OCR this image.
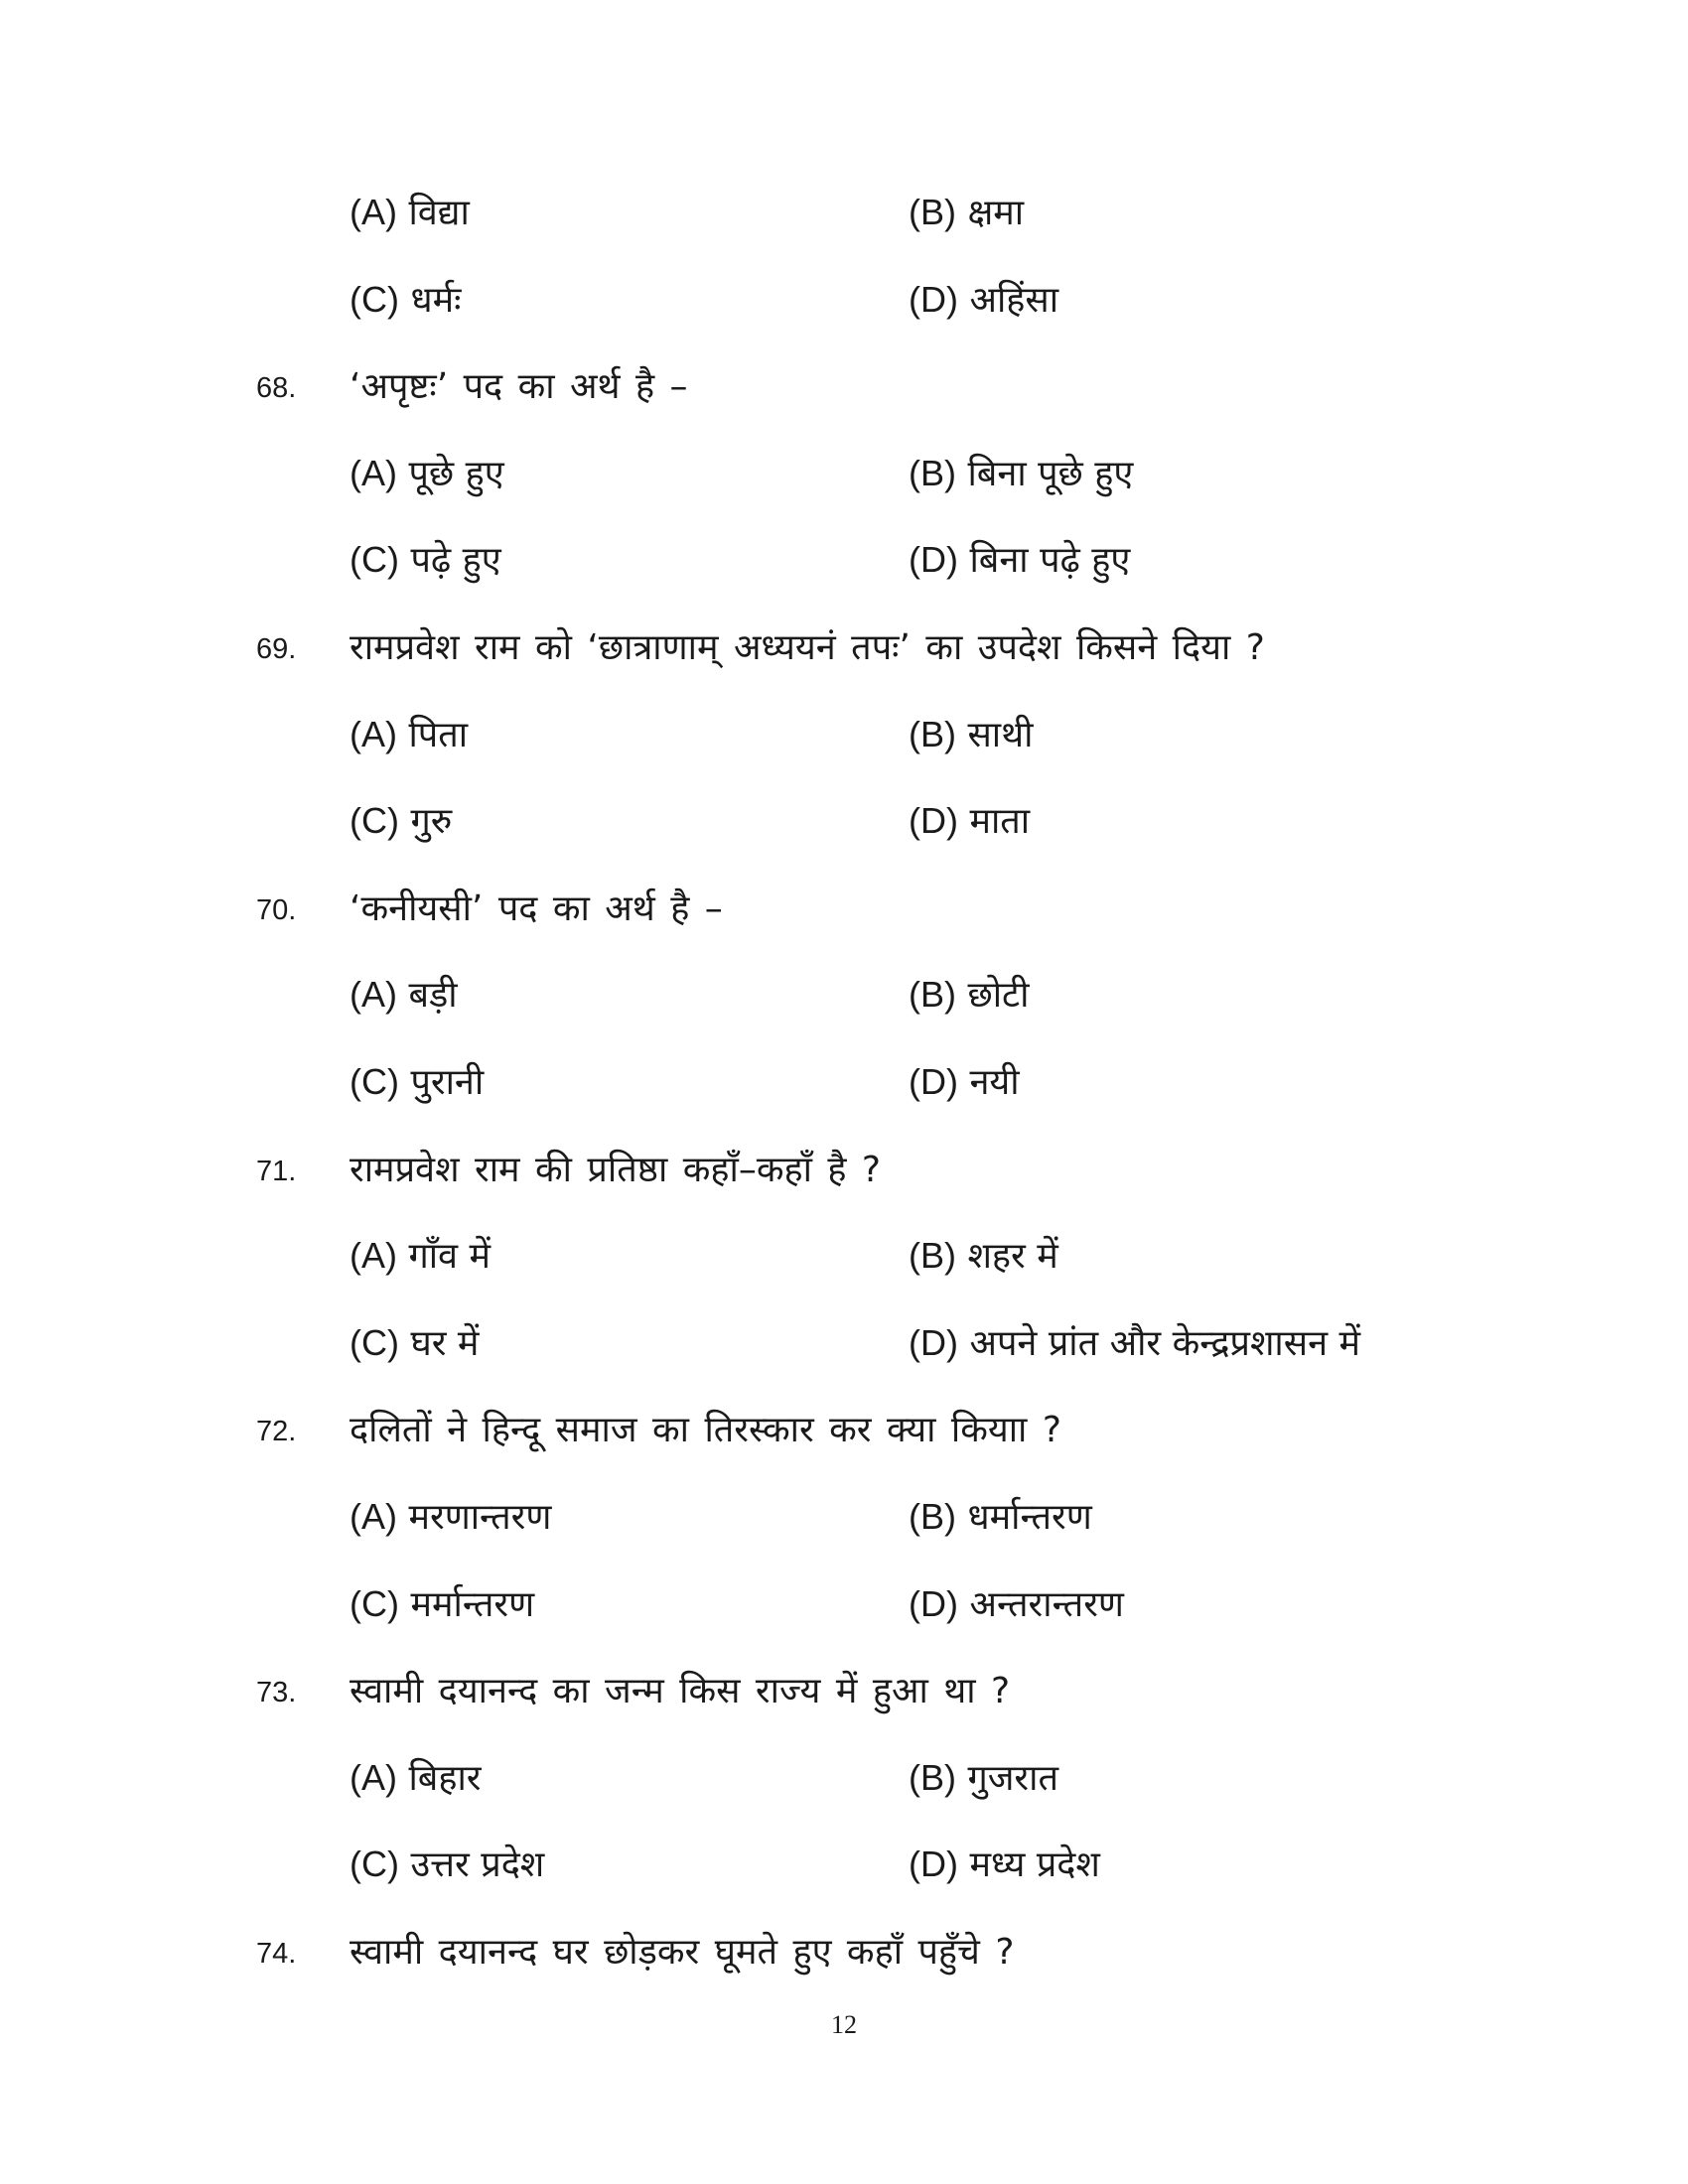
(A) विद्या	(B) क्षमा
(C) धर्मः	(D) अहिंसा
68. ‘अपृष्टः’ पद का अर्थ है –
(A) पूछे हुए	(B) बिना पूछे हुए
(C) पढ़े हुए	(D) बिना पढ़े हुए
69. रामप्रवेश राम को ‘छात्राणाम् अध्ययनं तपः’ का उपदेश किसने दिया ?
(A) पिता	(B) साथी
(C) गुरु	(D) माता
70. ‘कनीयसी’ पद का अर्थ है –
(A) बड़ी	(B) छोटी
(C) पुरानी	(D) नयी
71. रामप्रवेश राम की प्रतिष्ठा कहाँ–कहाँ है ?
(A) गाँव में	(B) शहर में
(C) घर में	(D) अपने प्रांत और केन्द्रप्रशासन में
72. दलितों ने हिन्दू समाज का तिरस्कार कर क्या कियाा ?
(A) मरणान्तरण	(B) धर्मान्तरण
(C) मर्मान्तरण	(D) अन्तरान्तरण
73. स्वामी दयानन्द का जन्म किस राज्य में हुआ था ?
(A) बिहार	(B) गुजरात
(C) उत्तर प्रदेश	(D) मध्य प्रदेश
74. स्वामी दयानन्द घर छोड़कर घूमते हुए कहाँ पहुँचे ?
12
